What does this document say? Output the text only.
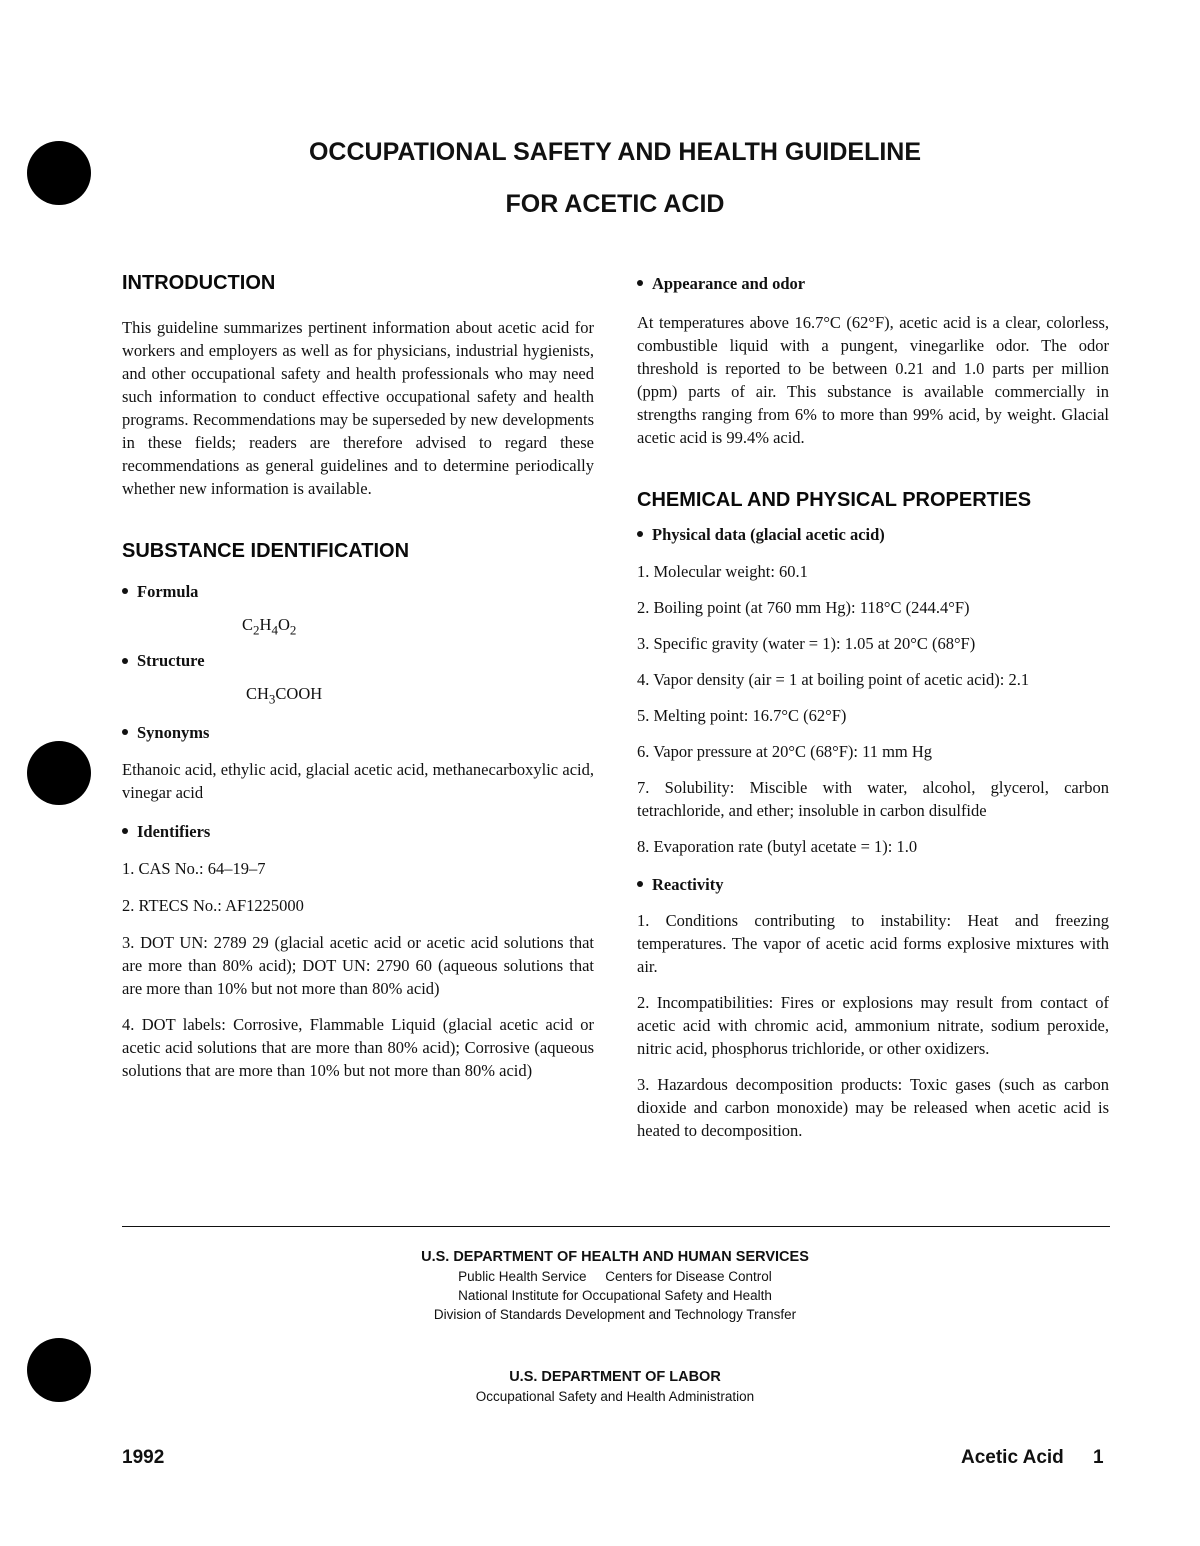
OCCUPATIONAL SAFETY AND HEALTH GUIDELINE
FOR ACETIC ACID
INTRODUCTION

This guideline summarizes pertinent information about acetic acid for workers and employers as well as for physicians, industrial hygienists, and other occupational safety and health professionals who may need such information to conduct effective occupational safety and health programs. Recommendations may be superseded by new developments in these fields; readers are therefore advised to regard these recommendations as general guidelines and to determine periodically whether new information is available.

SUBSTANCE IDENTIFICATION

Formula

$C_2H_4O_2$

Structure

$CH_3COOH$

Synonyms

Ethanoic acid, ethylic acid, glacial acetic acid, methanecarboxylic acid, vinegar acid

Identifiers

1. CAS No.: 64–19–7

2. RTECS No.: AF1225000

3. DOT UN: 2789 29 (glacial acetic acid or acetic acid solutions that are more than 80% acid); DOT UN: 2790 60 (aqueous solutions that are more than 10% but not more than 80% acid)

4. DOT labels: Corrosive, Flammable Liquid (glacial acetic acid or acetic acid solutions that are more than 80% acid); Corrosive (aqueous solutions that are more than 10% but not more than 80% acid)

Appearance and odor

At temperatures above 16.7°C (62°F), acetic acid is a clear, colorless, combustible liquid with a pungent, vinegarlike odor. The odor threshold is reported to be between 0.21 and 1.0 parts per million (ppm) parts of air. This substance is available commercially in strengths ranging from 6% to more than 99% acid, by weight. Glacial acetic acid is 99.4% acid.

CHEMICAL AND PHYSICAL PROPERTIES

Physical data (glacial acetic acid)

1. Molecular weight: 60.1

2. Boiling point (at 760 mm Hg): 118°C (244.4°F)

3. Specific gravity (water = 1): 1.05 at 20°C (68°F)

4. Vapor density (air = 1 at boiling point of acetic acid): 2.1

5. Melting point: 16.7°C (62°F)

6. Vapor pressure at 20°C (68°F): 11 mm Hg

7. Solubility: Miscible with water, alcohol, glycerol, carbon tetrachloride, and ether; insoluble in carbon disulfide

8. Evaporation rate (butyl acetate = 1): 1.0

Reactivity

1. Conditions contributing to instability: Heat and freezing temperatures. The vapor of acetic acid forms explosive mixtures with air.

2. Incompatibilities: Fires or explosions may result from contact of acetic acid with chromic acid, ammonium nitrate, sodium peroxide, nitric acid, phosphorus trichloride, or other oxidizers.

3. Hazardous decomposition products: Toxic gases (such as carbon dioxide and carbon monoxide) may be released when acetic acid is heated to decomposition.

U.S. DEPARTMENT OF HEALTH AND HUMAN SERVICES
Public Health Service     Centers for Disease Control
National Institute for Occupational Safety and Health
Division of Standards Development and Technology Transfer
U.S. DEPARTMENT OF LABOR
Occupational Safety and Health Administration
1992	Acetic Acid 1
